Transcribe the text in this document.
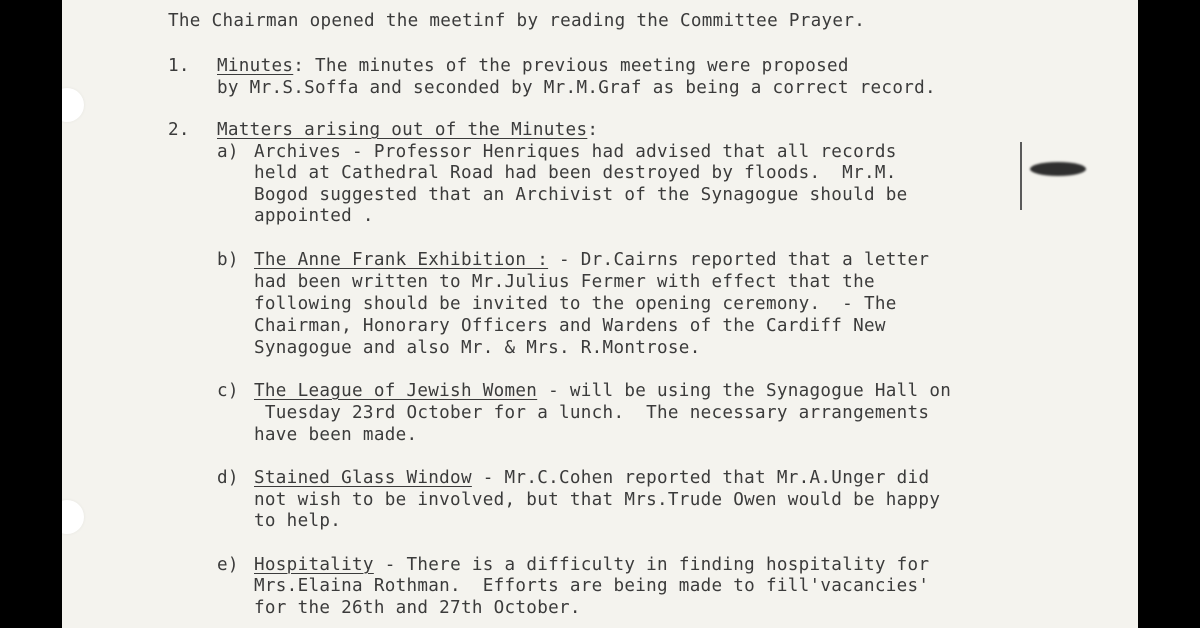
The Chairman opened the meetinf by reading the Committee Prayer.
1. Minutes: The minutes of the previous meeting were proposed
by Mr.S.Soffa and seconded by Mr.M.Graf as being a correct record.
2. Matters arising out of the Minutes:
a) Archives - Professor Henriques had advised that all records
held at Cathedral Road had been destroyed by floods.  Mr.M.
Bogod suggested that an Archivist of the Synagogue should be
appointed .
b) The Anne Frank Exhibition : - Dr.Cairns reported that a letter
had been written to Mr.Julius Fermer with effect that the
following should be invited to the opening ceremony.  - The
Chairman, Honorary Officers and Wardens of the Cardiff New
Synagogue and also Mr. & Mrs. R.Montrose.
c) The League of Jewish Women - will be using the Synagogue Hall on
Tuesday 23rd October for a lunch.  The necessary arrangements
have been made.
d) Stained Glass Window - Mr.C.Cohen reported that Mr.A.Unger did
not wish to be involved, but that Mrs.Trude Owen would be happy
to help.
e) Hospitality - There is a difficulty in finding hospitality for
Mrs.Elaina Rothman.  Efforts are being made to fill'vacancies'
for the 26th and 27th October.
